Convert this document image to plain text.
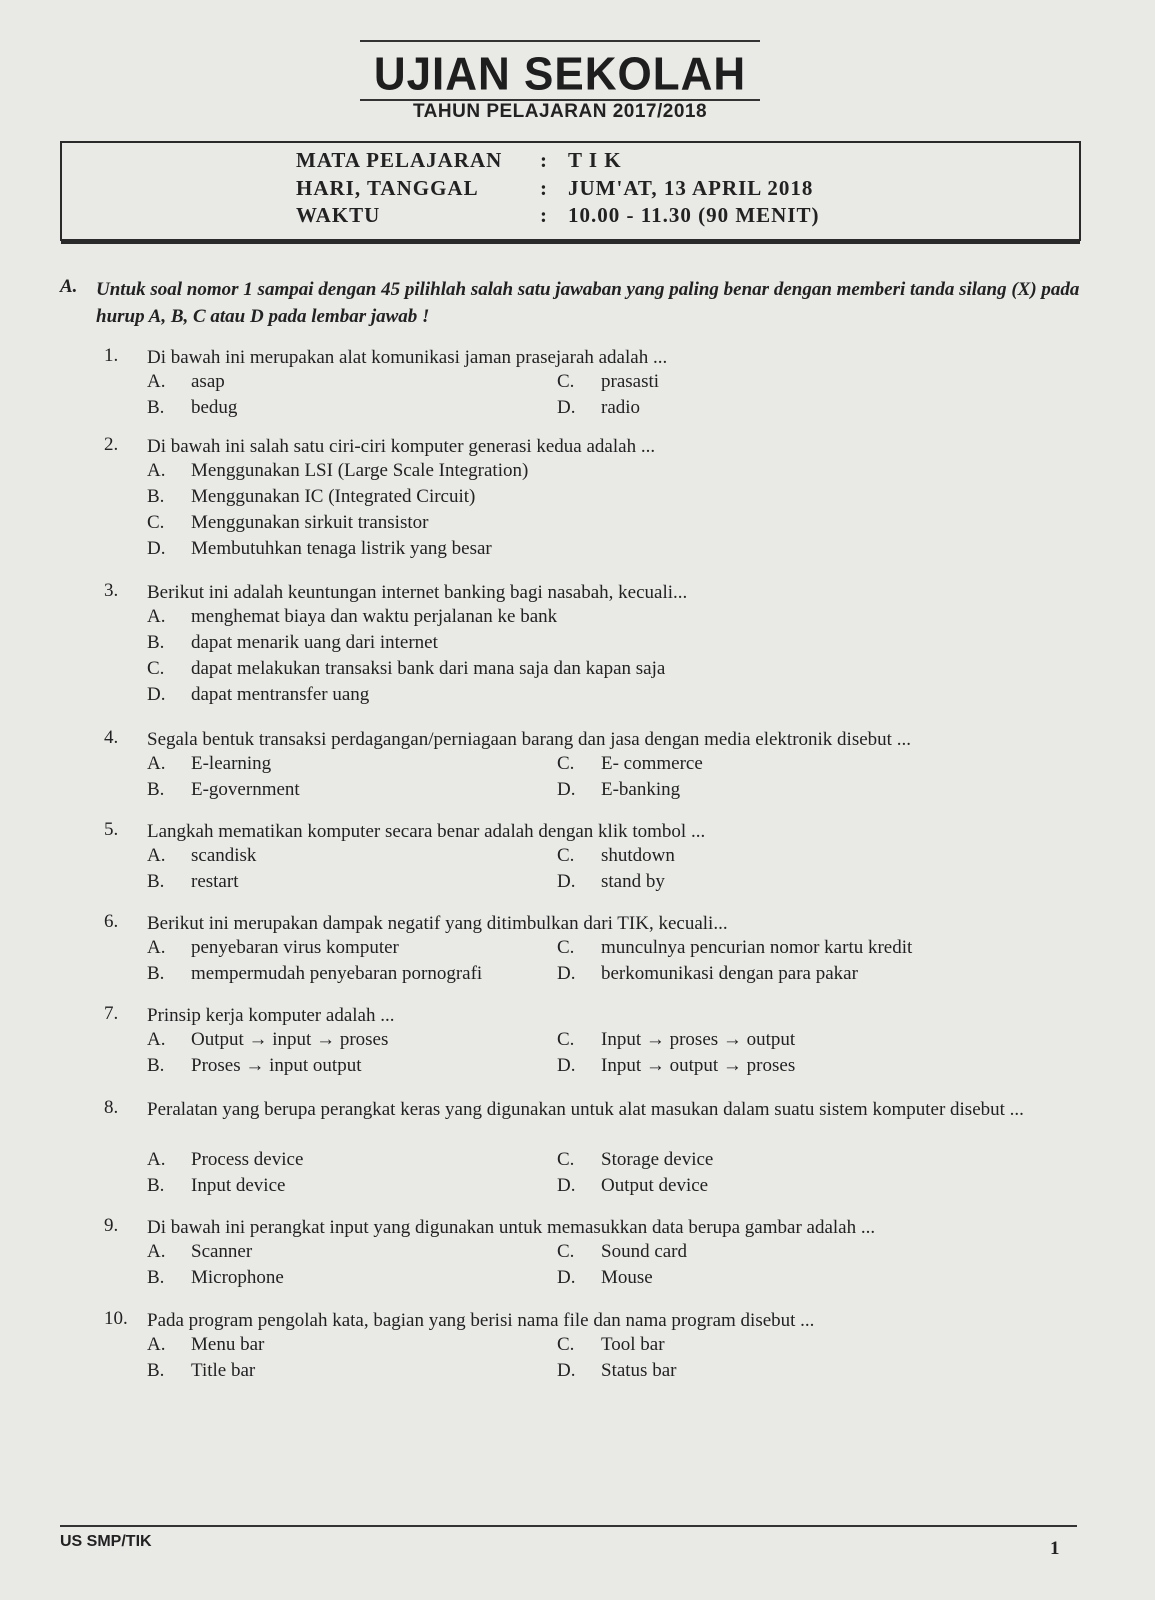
UJIAN SEKOLAH
TAHUN PELAJARAN 2017/2018
MATA PELAJARAN : T I K
HARI, TANGGAL	: JUM'AT, 13 APRIL 2018
WAKTU	: 10.00 - 11.30 (90 MENIT)
A. Untuk soal nomor 1 sampai dengan 45 pilihlah salah satu jawaban yang paling benar dengan memberi tanda silang (X) pada hurup A, B, C atau D pada lembar jawab !
1. Di bawah ini merupakan alat komunikasi jaman prasejarah adalah ...
A. asap
B. bedug
C. prasasti
D. radio
2. Di bawah ini salah satu ciri-ciri komputer generasi kedua adalah ...
A. Menggunakan LSI (Large Scale Integration)
B. Menggunakan IC (Integrated Circuit)
C. Menggunakan sirkuit transistor
D. Membutuhkan tenaga listrik yang besar
3. Berikut ini adalah keuntungan internet banking bagi nasabah, kecuali...
A. menghemat biaya dan waktu perjalanan ke bank
B. dapat menarik uang dari internet
C. dapat melakukan transaksi bank dari mana saja dan kapan saja
D. dapat mentransfer uang
4. Segala bentuk transaksi perdagangan/perniagaan barang dan jasa dengan media elektronik disebut ...
A. E-learning
B. E-government
C. E- commerce
D. E-banking
5. Langkah mematikan komputer secara benar adalah dengan klik tombol ...
A. scandisk
B. restart
C. shutdown
D. stand by
6. Berikut ini merupakan dampak negatif yang ditimbulkan dari TIK, kecuali...
A. penyebaran virus komputer
B. mempermudah penyebaran pornografi
C. munculnya pencurian nomor kartu kredit
D. berkomunikasi dengan para pakar
7. Prinsip kerja komputer adalah ...
A. Output → input → proses
B. Proses → input output
C. Input → proses → output
D. Input → output → proses
8. Peralatan yang berupa perangkat keras yang digunakan untuk alat masukan dalam suatu sistem komputer disebut ...
A. Process device
B. Input device
C. Storage device
D. Output device
9. Di bawah ini perangkat input yang digunakan untuk memasukkan data berupa gambar adalah ...
A. Scanner
B. Microphone
C. Sound card
D. Mouse
10. Pada program pengolah kata, bagian yang berisi nama file dan nama program disebut ...
A. Menu bar
B. Title bar
C. Tool bar
D. Status bar
US SMP/TIK	1
